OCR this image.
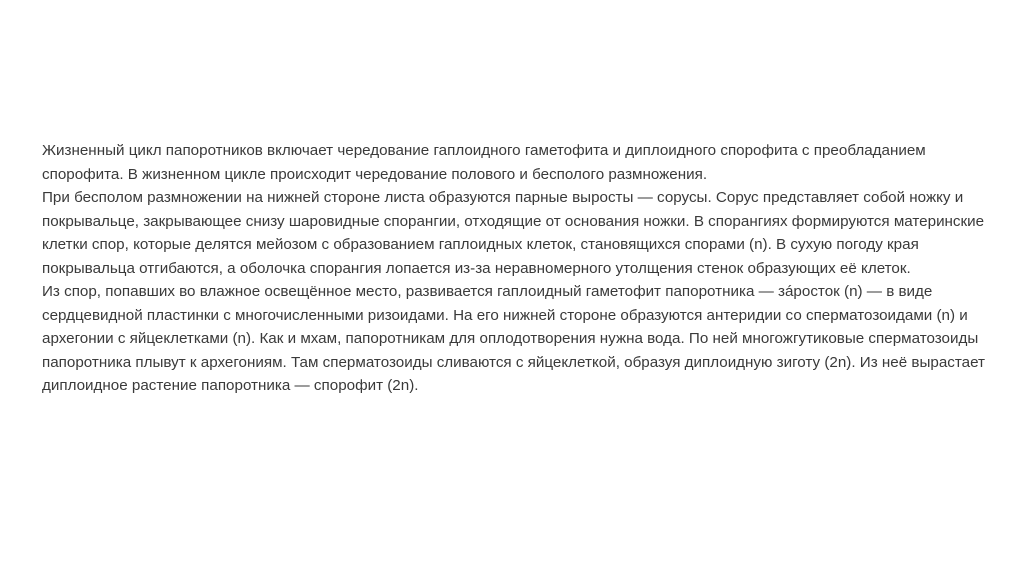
Жизненный цикл папоротников включает чередование гаплоидного гаметофита и диплоидного спорофита с преобладанием спорофита. В жизненном цикле происходит чередование полового и бесполого размножения.

При бесполом размножении на нижней стороне листа образуются парные выросты — сорусы. Сорус представляет собой ножку и покрывальце, закрывающее снизу шаровидные спорангии, отходящие от основания ножки. В спорангиях формируются материнские клетки спор, которые делятся мейозом с образованием гаплоидных клеток, становящихся спорами (n). В сухую погоду края покрывальца отгибаются, а оболочка спорангия лопается из-за неравномерного утолщения стенок образующих её клеток.

Из спор, попавших во влажное освещённое место, развивается гаплоидный гаметофит папоротника — зáросток (n) — в виде сердцевидной пластинки с многочисленными ризоидами. На его нижней стороне образуются антеридии со сперматозоидами (n) и архегонии с яйцеклетками (n). Как и мхам, папоротникам для оплодотворения нужна вода. По ней многожгутиковые сперматозоиды папоротника плывут к архегониям. Там сперматозоиды сливаются с яйцеклеткой, образуя диплоидную зиготу (2n). Из неё вырастает диплоидное растение папоротника — спорофит (2n).
